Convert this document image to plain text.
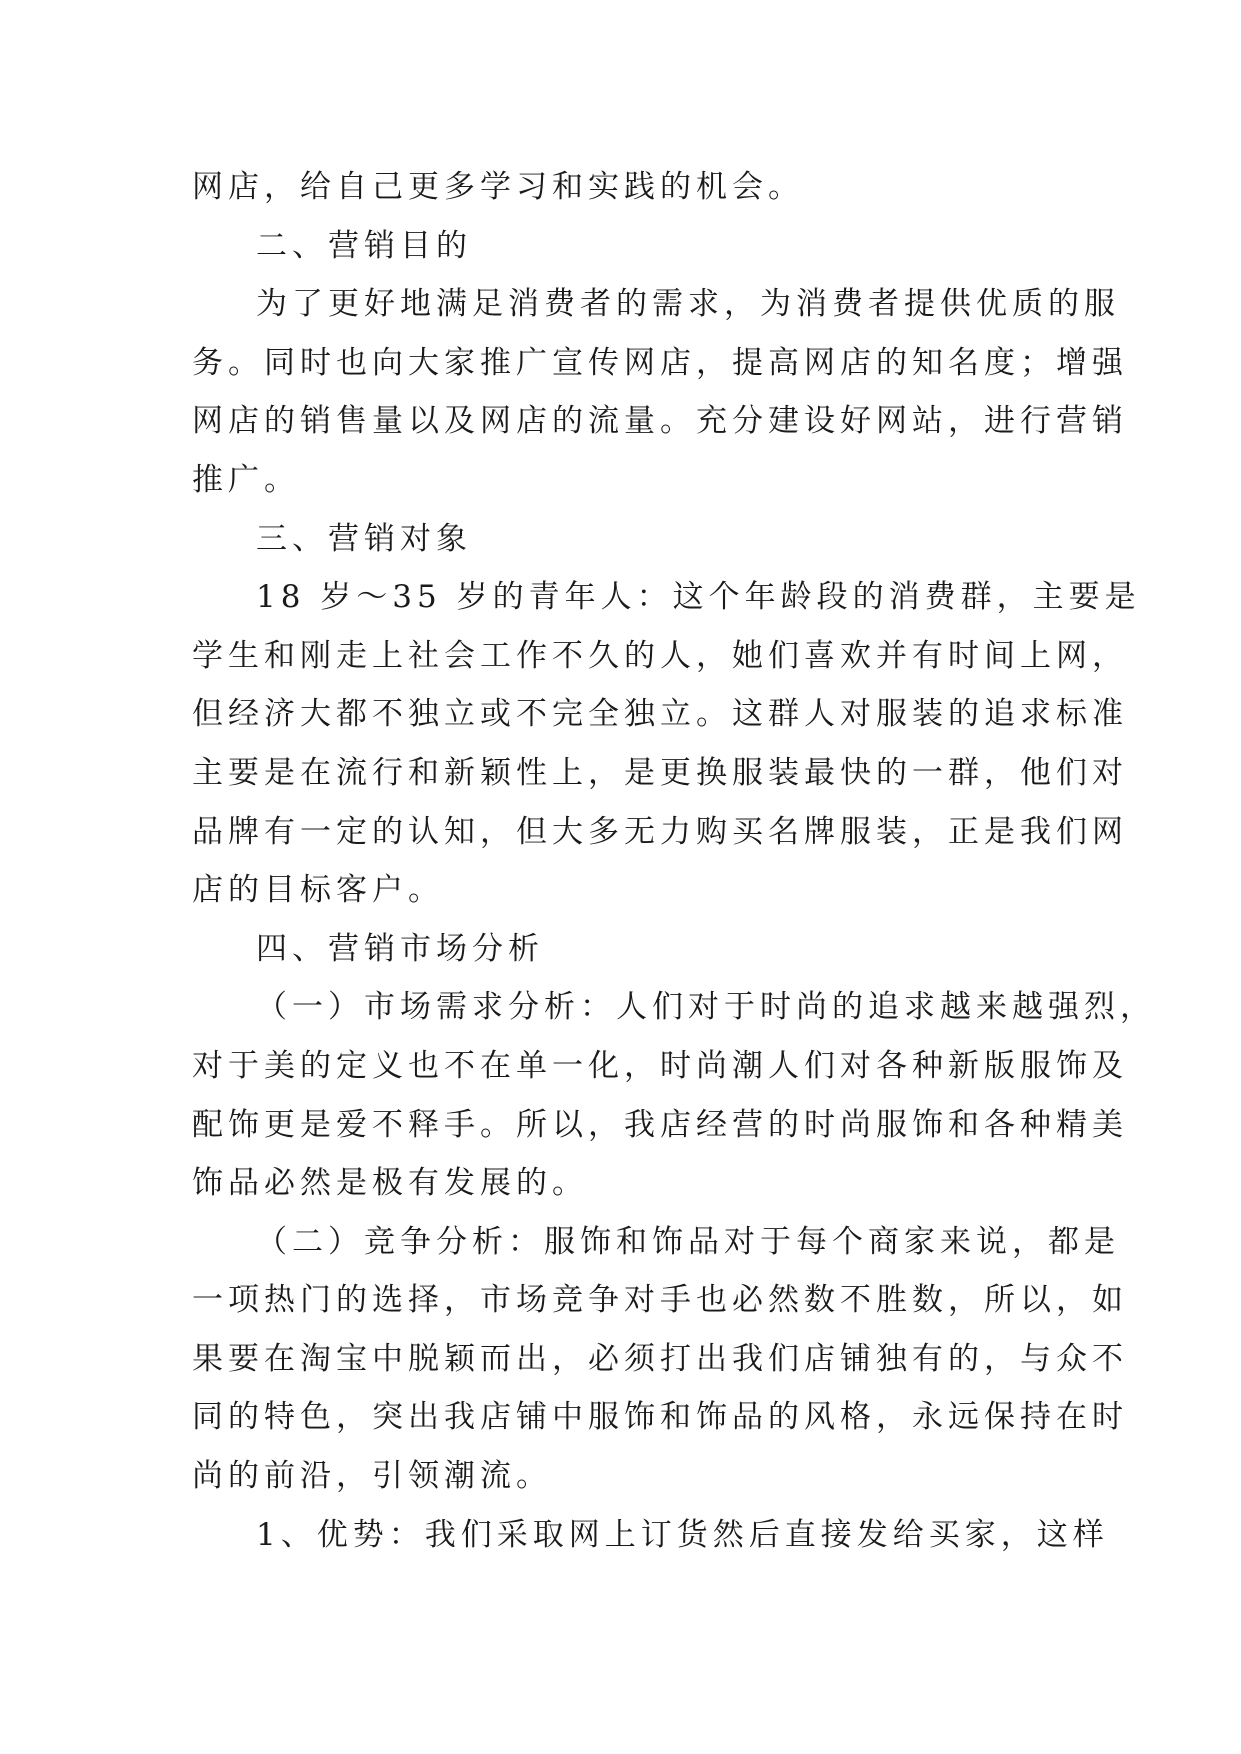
网店，给自己更多学习和实践的机会。
二、营销目的
为了更好地满足消费者的需求，为消费者提供优质的服
务。同时也向大家推广宣传网店，提高网店的知名度；增强
网店的销售量以及网店的流量。充分建设好网站，进行营销
推广。
三、营销对象
18 岁～35 岁的青年人：这个年龄段的消费群，主要是
学生和刚走上社会工作不久的人，她们喜欢并有时间上网，
但经济大都不独立或不完全独立。这群人对服装的追求标准
主要是在流行和新颖性上，是更换服装最快的一群，他们对
品牌有一定的认知，但大多无力购买名牌服装，正是我们网
店的目标客户。
四、营销市场分析
（一）市场需求分析：人们对于时尚的追求越来越强烈，
对于美的定义也不在单一化，时尚潮人们对各种新版服饰及
配饰更是爱不释手。所以，我店经营的时尚服饰和各种精美
饰品必然是极有发展的。
（二）竞争分析：服饰和饰品对于每个商家来说，都是
一项热门的选择，市场竞争对手也必然数不胜数，所以，如
果要在淘宝中脱颖而出，必须打出我们店铺独有的，与众不
同的特色，突出我店铺中服饰和饰品的风格，永远保持在时
尚的前沿，引领潮流。
1、优势：我们采取网上订货然后直接发给买家，这样
